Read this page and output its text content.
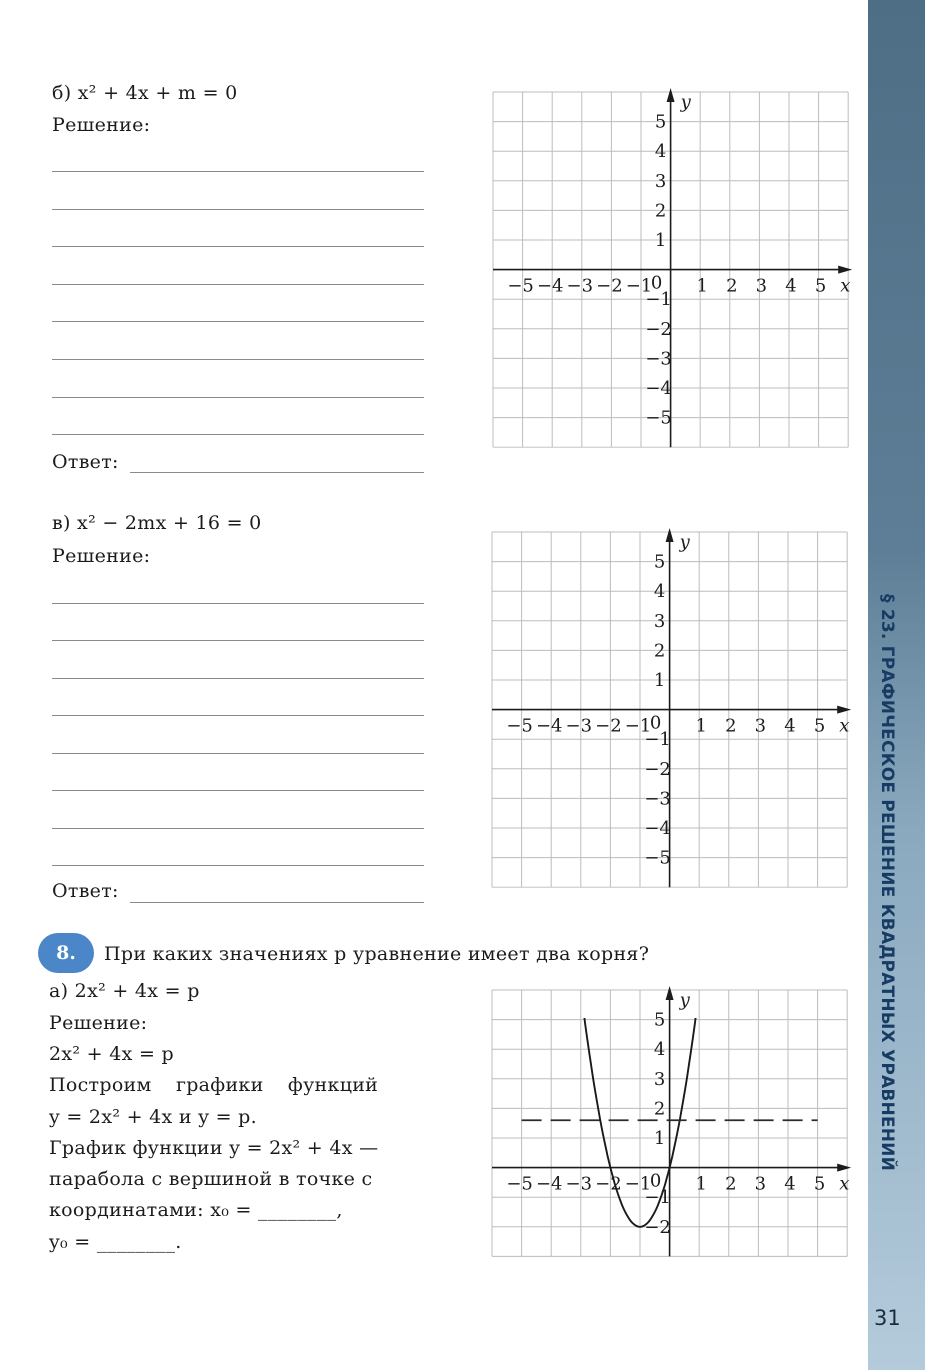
б) x² + 4x + m = 0
Решение:
Ответ:
x
y
0
−5 −4 −3 −2 −1 1 2 3 4 5
5
4
3
2
1
−1
−2
−3
−4
−5
в) x² − 2mx + 16 = 0
Решение:
Ответ:
x
y
0
−5 −4 −3 −2 −1 1 2 3 4 5
5
4
3
2
1
−1
−2
−3
−4
−5
8.	При каких значениях p уравнение имеет два корня?
а) 2x² + 4x = p
Решение:
2x² + 4x = p
Построим графики функций
y = 2x² + 4x и y = p.
График функции y = 2x² + 4x —
парабола с вершиной в точке с
координатами: x₀ = ________,
y₀ = ________.
x
y
0
−5 −4 −3 −2 −1 1 2 3 4 5
5
4
3
2
1
−1
−2
§ 23. ГРАФИЧЕСКОЕ РЕШЕНИЕ КВАДРАТНЫХ УРАВНЕНИЙ
31
